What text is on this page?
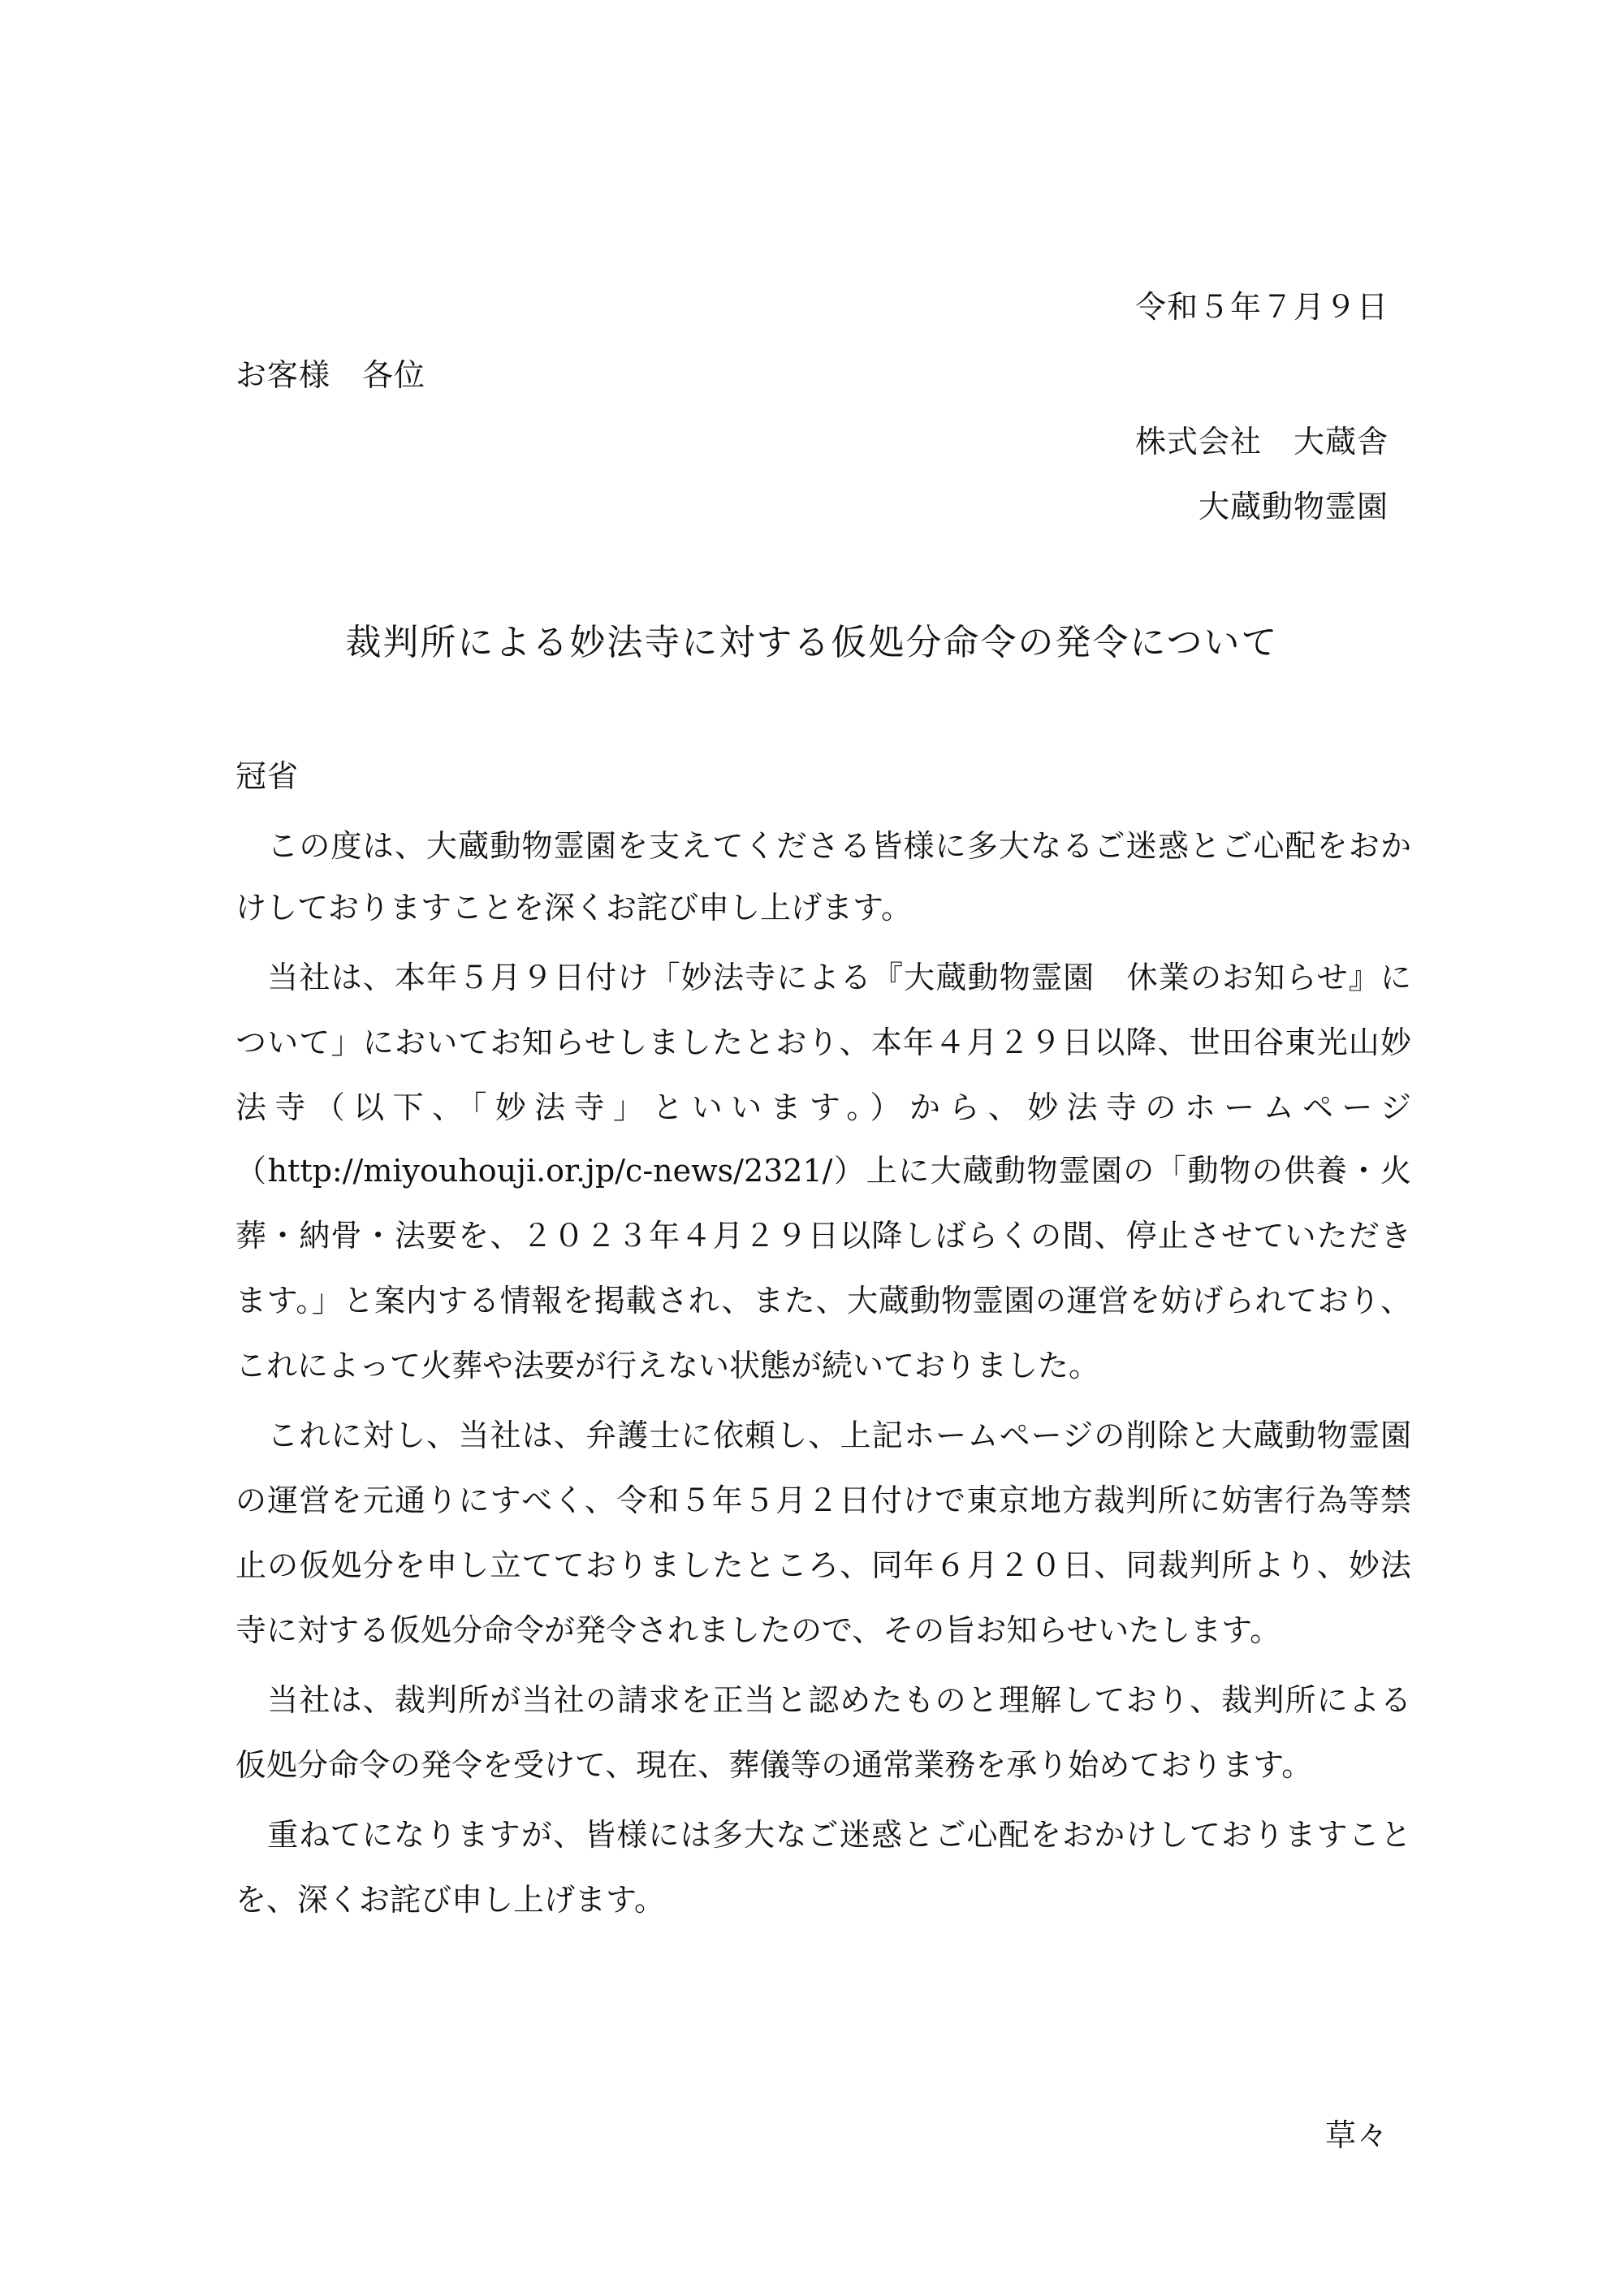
令和５年７月９日
お客様　各位
株式会社　大蔵舎
大蔵動物霊園
裁判所による妙法寺に対する仮処分命令の発令について
冠省
　この度は、大蔵動物霊園を支えてくださる皆様に多大なるご迷惑とご心配をおか
けしておりますことを深くお詫び申し上げます。
　当社は、本年５月９日付け「妙法寺による『大蔵動物霊園　休業のお知らせ』に
ついて」においてお知らせしましたとおり、本年４月２９日以降、世田谷東光山妙
法寺（以下、「妙法寺」といいます。）から、妙法寺のホームページ
（http://miyouhouji.or.jp/c-news/2321/）上に大蔵動物霊園の「動物の供養・火
葬・納骨・法要を、２０２３年４月２９日以降しばらくの間、停止させていただき
ます。」と案内する情報を掲載され、また、大蔵動物霊園の運営を妨げられており、
これによって火葬や法要が行えない状態が続いておりました。
　これに対し、当社は、弁護士に依頼し、上記ホームページの削除と大蔵動物霊園
の運営を元通りにすべく、令和５年５月２日付けで東京地方裁判所に妨害行為等禁
止の仮処分を申し立てておりましたところ、同年６月２０日、同裁判所より、妙法
寺に対する仮処分命令が発令されましたので、その旨お知らせいたします。
　当社は、裁判所が当社の請求を正当と認めたものと理解しており、裁判所による
仮処分命令の発令を受けて、現在、葬儀等の通常業務を承り始めております。
　重ねてになりますが、皆様には多大なご迷惑とご心配をおかけしておりますこと
を、深くお詫び申し上げます。
草々
